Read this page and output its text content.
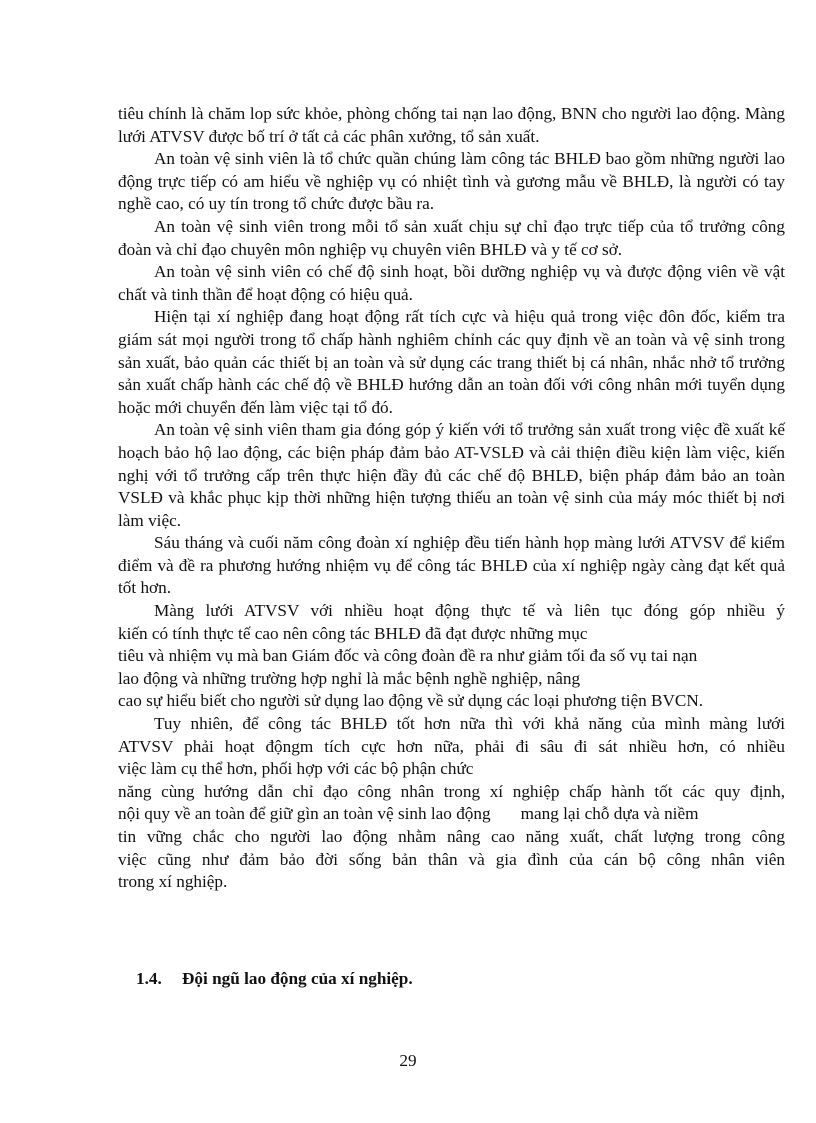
tiêu chính là chăm lop sức khỏe, phòng chống tai nạn lao động, BNN cho người lao động. Màng lưới ATVSV được bố trí ở tất cả các phân xưởng, tổ sản xuất.

An toàn vệ sinh viên là tổ chức quần chúng làm công tác BHLĐ bao gồm những người lao động trực tiếp có am hiểu về nghiệp vụ có nhiệt tình và gương mẫu về BHLĐ, là người có tay nghề cao, có uy tín trong tổ chức được bầu ra.

An toàn vệ sinh viên trong mỗi tổ sản xuất chịu sự chỉ đạo trực tiếp của tổ trưởng công đoàn và chỉ đạo chuyên môn nghiệp vụ chuyên viên BHLĐ và y tế cơ sở.

An toàn vệ sinh viên có chế độ sinh hoạt, bồi dưỡng nghiệp vụ và được động viên về vật chất và tinh thần để hoạt động có hiệu quả.

Hiện tại xí nghiệp đang hoạt động rất tích cực và hiệu quả trong việc đôn đốc, kiểm tra giám sát mọi người trong tổ chấp hành nghiêm chỉnh các quy định về an toàn và vệ sinh trong sản xuất, bảo quản các thiết bị an toàn và sử dụng các trang thiết bị cá nhân, nhắc nhở tổ trưởng sản xuất chấp hành các chế độ về BHLĐ hướng dẫn an toàn đối với công nhân mới tuyển dụng hoặc mới chuyển đến làm việc tại tổ đó.

An toàn vệ sinh viên tham gia đóng góp ý kiến với tổ trưởng sản xuất trong việc đề xuất kế hoạch bảo hộ lao động, các biện pháp đảm bảo AT-VSLĐ và cải thiện điều kiện làm việc, kiến nghị với tổ trưởng cấp trên thực hiện đầy đủ các chế độ BHLĐ, biện pháp đảm bảo an toàn VSLĐ và khắc phục kịp thời những hiện tượng thiếu an toàn vệ sinh của máy móc thiết bị nơi làm việc.

Sáu tháng và cuối năm công đoàn xí nghiệp đều tiến hành họp màng lưới ATVSV để kiểm điểm và đề ra phương hướng nhiệm vụ để công tác BHLĐ của xí nghiệp ngày càng đạt kết quả tốt hơn.

Màng lưới ATVSV với nhiều hoạt động thực tế và liên tục đóng góp nhiều ý

kiến có tính thực tế cao nên công tác BHLĐ đã đạt được những mục

tiêu và nhiệm vụ mà ban Giám đốc và công đoàn đề ra như giảm tối đa số vụ tai nạn

lao động và những trường hợp nghỉ là mắc bệnh nghề nghiệp, nâng

cao sự hiểu biết cho người sử dụng lao động về sử dụng các loại phương tiện BVCN.

Tuy nhiên, để công tác BHLĐ tốt hơn nữa thì với khả năng của mình màng lưới

ATVSV phải hoạt độngm tích cực hơn nữa, phải đi sâu đi sát nhiều hơn, có nhiều

việc làm cụ thể hơn, phối hợp với các bộ phận chức

năng cùng hướng dẫn chỉ đạo công nhân trong xí nghiệp chấp hành tốt các quy định,

nội quy về an toàn để giữ gìn an toàn vệ sinh lao động       mang lại chỗ dựa và niềm

tin vững chắc cho người lao động nhằm nâng cao năng xuất, chất lượng trong công

việc cũng như đảm bảo đời sống bản thân và gia đình của cán bộ công nhân viên

trong xí nghiệp.

1.4. Đội ngũ lao động của xí nghiệp.
29
